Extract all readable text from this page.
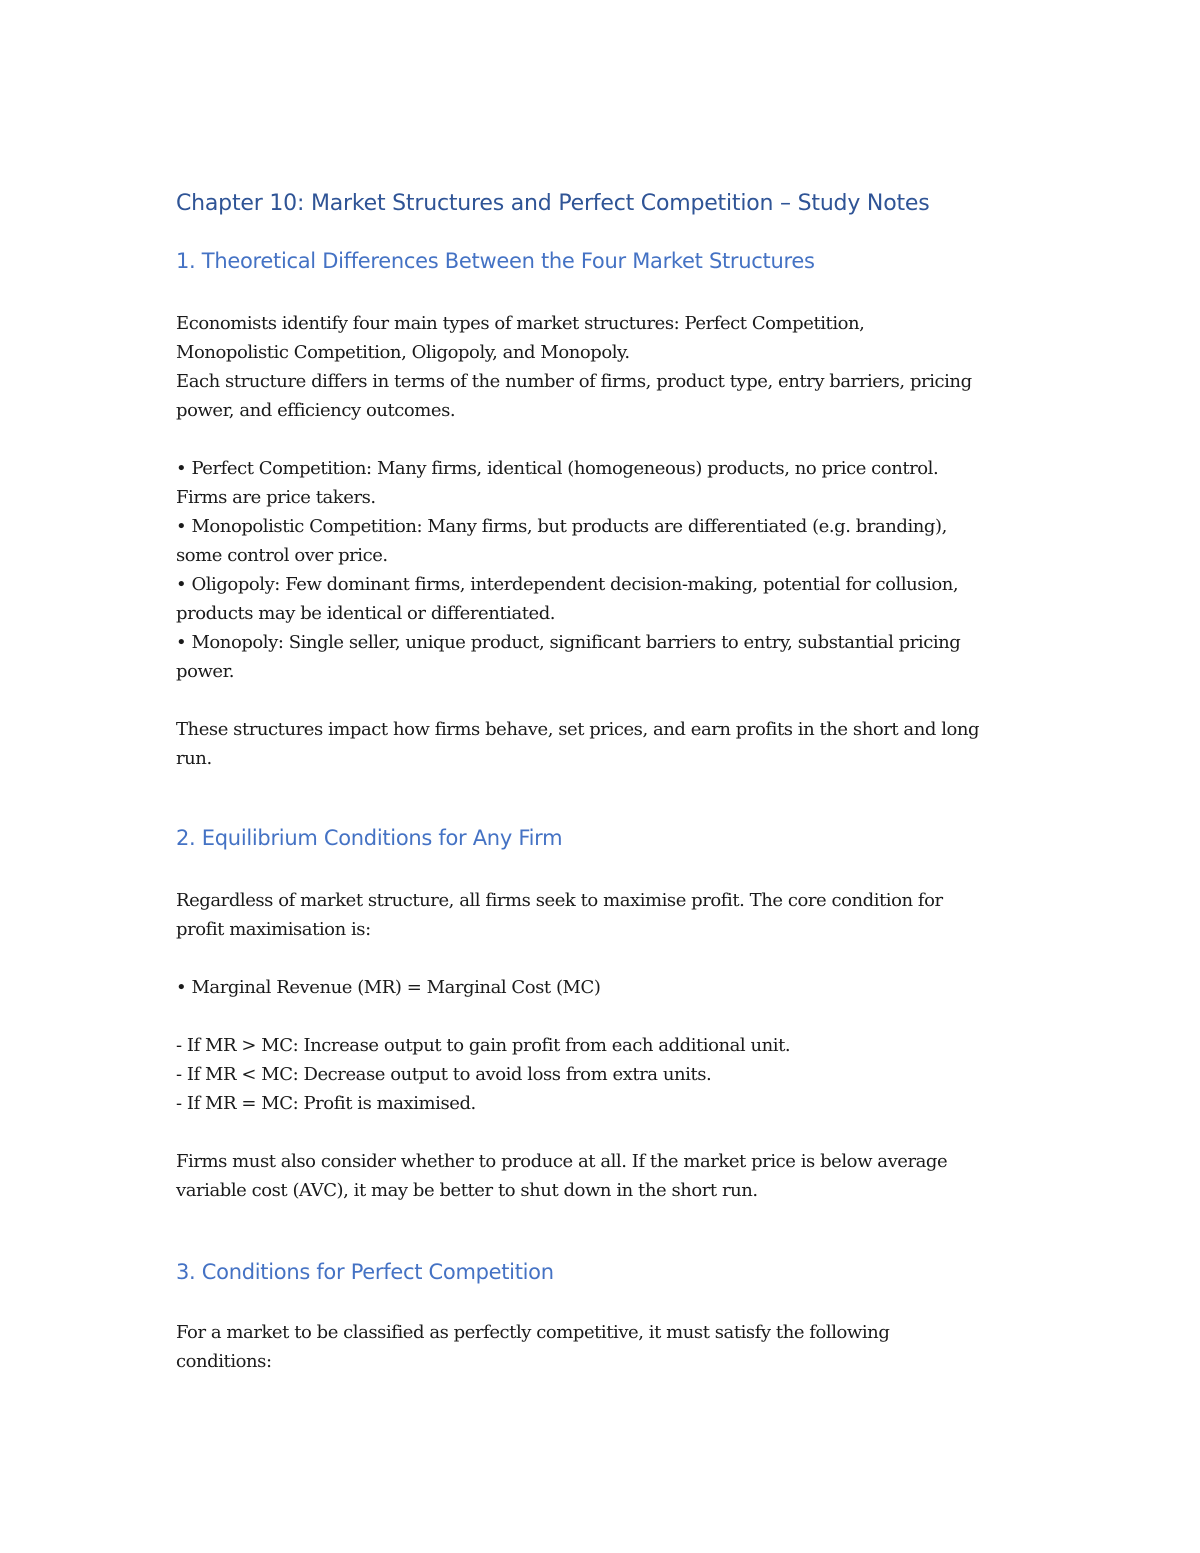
Chapter 10: Market Structures and Perfect Competition – Study Notes
1. Theoretical Differences Between the Four Market Structures

Economists identify four main types of market structures: Perfect Competition,

Monopolistic Competition, Oligopoly, and Monopoly.

Each structure differs in terms of the number of firms, product type, entry barriers, pricing

power, and efficiency outcomes.

• Perfect Competition: Many firms, identical (homogeneous) products, no price control.

Firms are price takers.

• Monopolistic Competition: Many firms, but products are differentiated (e.g. branding),

some control over price.

• Oligopoly: Few dominant firms, interdependent decision-making, potential for collusion,

products may be identical or differentiated.

• Monopoly: Single seller, unique product, significant barriers to entry, substantial pricing

power.

These structures impact how firms behave, set prices, and earn profits in the short and long

run.

2. Equilibrium Conditions for Any Firm

Regardless of market structure, all firms seek to maximise profit. The core condition for

profit maximisation is:

• Marginal Revenue (MR) = Marginal Cost (MC)

- If MR > MC: Increase output to gain profit from each additional unit.

- If MR < MC: Decrease output to avoid loss from extra units.

- If MR = MC: Profit is maximised.

Firms must also consider whether to produce at all. If the market price is below average

variable cost (AVC), it may be better to shut down in the short run.

3. Conditions for Perfect Competition

For a market to be classified as perfectly competitive, it must satisfy the following

conditions:
